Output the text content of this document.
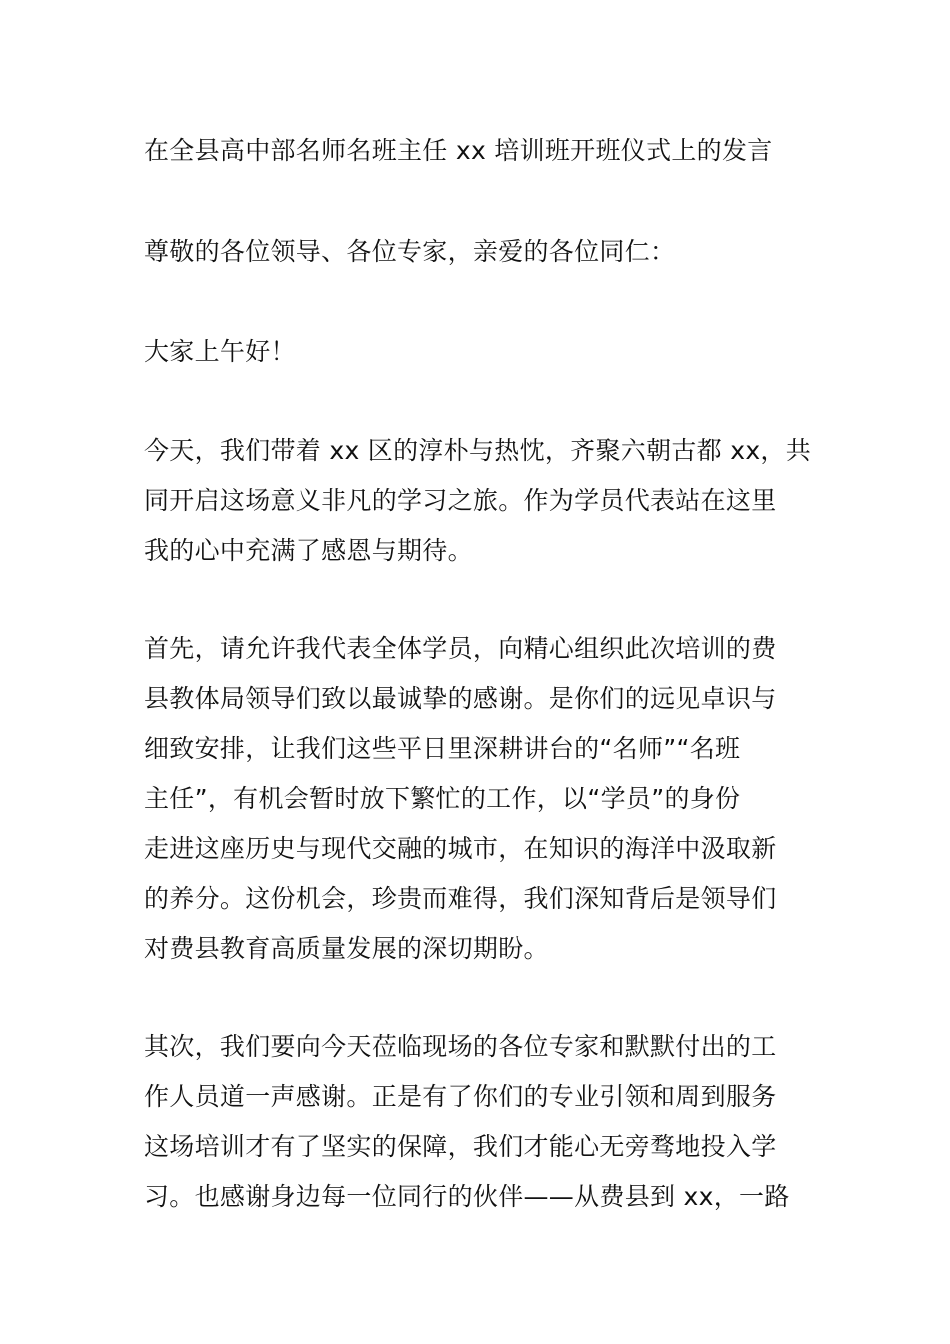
在全县高中部名师名班主任 xx 培训班开班仪式上的发言
尊敬的各位领导、各位专家，亲爱的各位同仁：
大家上午好！
今天，我们带着 xx 区的淳朴与热忱，齐聚六朝古都 xx，共
同开启这场意义非凡的学习之旅。作为学员代表站在这里
我的心中充满了感恩与期待。
首先，请允许我代表全体学员，向精心组织此次培训的费
县教体局领导们致以最诚挚的感谢。是你们的远见卓识与
细致安排，让我们这些平日里深耕讲台的“名师”“名班
主任”，有机会暂时放下繁忙的工作，以“学员”的身份
走进这座历史与现代交融的城市，在知识的海洋中汲取新
的养分。这份机会，珍贵而难得，我们深知背后是领导们
对费县教育高质量发展的深切期盼。
其次，我们要向今天莅临现场的各位专家和默默付出的工
作人员道一声感谢。正是有了你们的专业引领和周到服务
这场培训才有了坚实的保障，我们才能心无旁骛地投入学
习。也感谢身边每一位同行的伙伴——从费县到 xx，一路
